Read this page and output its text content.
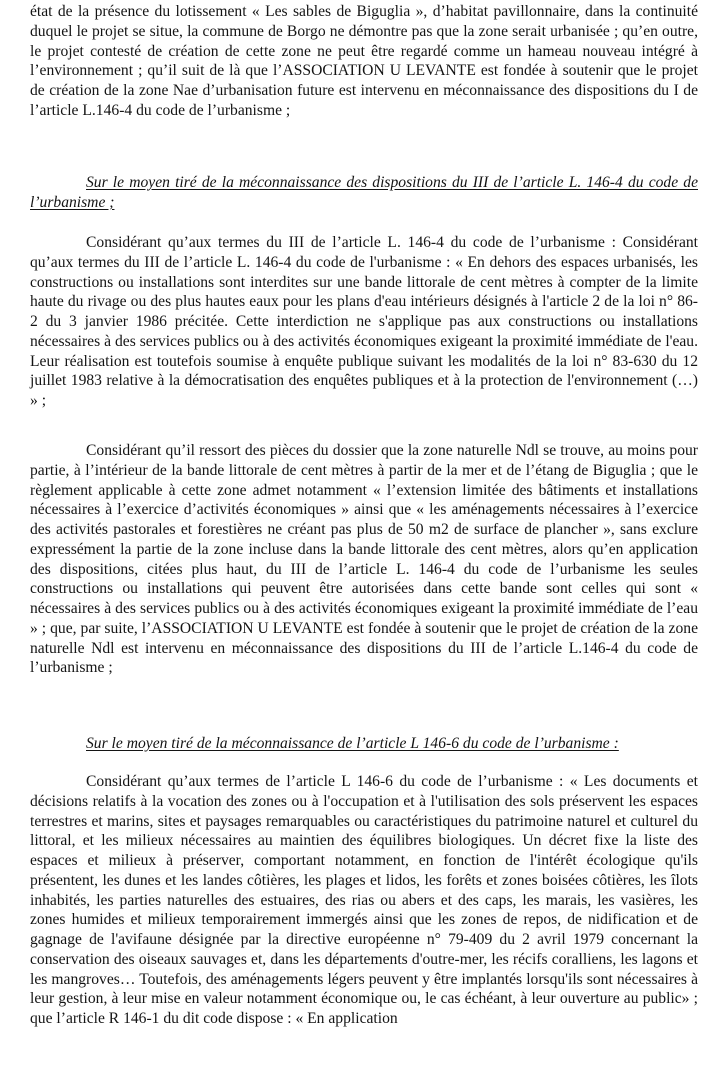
état de la présence du lotissement « Les sables de Biguglia », d’habitat pavillonnaire, dans la continuité duquel le projet se situe, la commune de Borgo ne démontre pas que la zone serait urbanisée ; qu’en outre, le projet contesté de création de cette zone ne peut être regardé comme un hameau nouveau intégré à l’environnement ; qu’il suit de là que l’ASSOCIATION U LEVANTE est fondée à soutenir que le projet de création de la zone Nae d’urbanisation future est intervenu en méconnaissance des dispositions du I de l’article L.146-4 du code de l’urbanisme ;

Sur le moyen tiré de la méconnaissance des dispositions du III de l’article L. 146-4 du code de l’urbanisme ;

Considérant qu’aux termes du III de l’article L. 146-4 du code de l’urbanisme : Considérant qu’aux termes du III de l’article L. 146-4 du code de l'urbanisme : « En dehors des espaces urbanisés, les constructions ou installations sont interdites sur une bande littorale de cent mètres à compter de la limite haute du rivage ou des plus hautes eaux pour les plans d'eau intérieurs désignés à l'article 2 de la loi n° 86-2 du 3 janvier 1986 précitée. Cette interdiction ne s'applique pas aux constructions ou installations nécessaires à des services publics ou à des activités économiques exigeant la proximité immédiate de l'eau. Leur réalisation est toutefois soumise à enquête publique suivant les modalités de la loi n° 83-630 du 12 juillet 1983 relative à la démocratisation des enquêtes publiques et à la protection de l'environnement (…) » ;

Considérant qu’il ressort des pièces du dossier que la zone naturelle Ndl se trouve, au moins pour partie, à l’intérieur de la bande littorale de cent mètres à partir de la mer et de l’étang de Biguglia ; que le règlement applicable à cette zone admet notamment « l’extension limitée des bâtiments et installations nécessaires à l’exercice d’activités économiques » ainsi que « les aménagements nécessaires à l’exercice des activités pastorales et forestières ne créant pas plus de 50 m2 de surface de plancher », sans exclure expressément la partie de la zone incluse dans la bande littorale des cent mètres, alors qu’en application des dispositions, citées plus haut, du III de l’article L. 146-4 du code de l’urbanisme les seules constructions ou installations qui peuvent être autorisées dans cette bande sont celles qui sont « nécessaires à des services publics ou à des activités économiques exigeant la proximité immédiate de l’eau » ; que, par suite, l’ASSOCIATION U LEVANTE est fondée à soutenir que le projet de création de la zone naturelle Ndl est intervenu en méconnaissance des dispositions du III de l’article L.146-4 du code de l’urbanisme ;

Sur le moyen tiré de la méconnaissance de l’article L 146-6 du code de l’urbanisme :

Considérant qu’aux termes de l’article L 146-6 du code de l’urbanisme : « Les documents et décisions relatifs à la vocation des zones ou à l'occupation et à l'utilisation des sols préservent les espaces terrestres et marins, sites et paysages remarquables ou caractéristiques du patrimoine naturel et culturel du littoral, et les milieux nécessaires au maintien des équilibres biologiques. Un décret fixe la liste des espaces et milieux à préserver, comportant notamment, en fonction de l'intérêt écologique qu'ils présentent, les dunes et les landes côtières, les plages et lidos, les forêts et zones boisées côtières, les îlots inhabités, les parties naturelles des estuaires, des rias ou abers et des caps, les marais, les vasières, les zones humides et milieux temporairement immergés ainsi que les zones de repos, de nidification et de gagnage de l'avifaune désignée par la directive européenne n° 79-409 du 2 avril 1979 concernant la conservation des oiseaux sauvages et, dans les départements d'outre-mer, les récifs coralliens, les lagons et les mangroves… Toutefois, des aménagements légers peuvent y être implantés lorsqu'ils sont nécessaires à leur gestion, à leur mise en valeur notamment économique ou, le cas échéant, à leur ouverture au public» ; que l’article R 146-1 du dit code dispose : « En application
